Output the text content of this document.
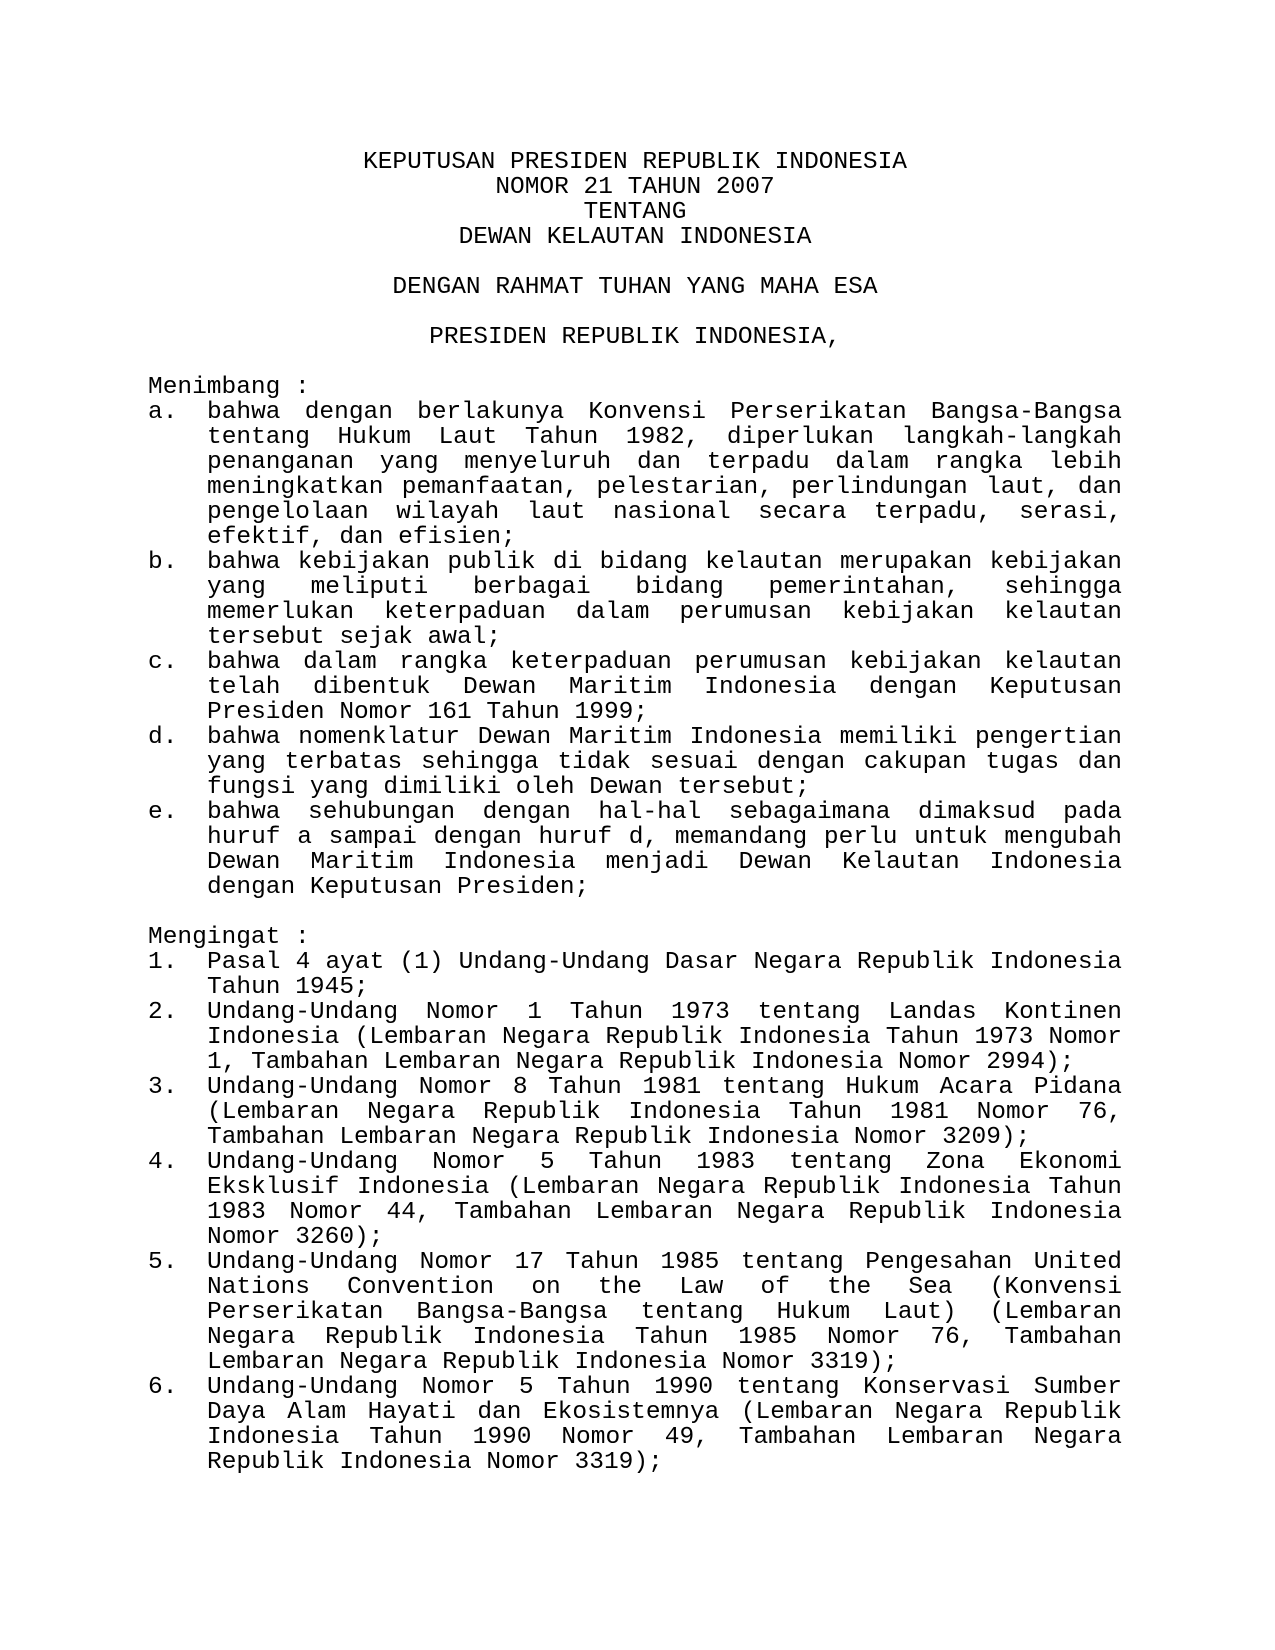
KEPUTUSAN PRESIDEN REPUBLIK INDONESIA
NOMOR 21 TAHUN 2007
TENTANG
DEWAN KELAUTAN INDONESIA
DENGAN RAHMAT TUHAN YANG MAHA ESA
PRESIDEN REPUBLIK INDONESIA,
Menimbang :
a. bahwa dengan berlakunya Konvensi Perserikatan Bangsa-Bangsa
tentang Hukum Laut Tahun 1982, diperlukan langkah-langkah
penanganan yang menyeluruh dan terpadu dalam rangka lebih
meningkatkan pemanfaatan, pelestarian, perlindungan laut, dan
pengelolaan wilayah laut nasional secara terpadu, serasi,
efektif, dan efisien;
b. bahwa kebijakan publik di bidang kelautan merupakan kebijakan
yang meliputi berbagai bidang pemerintahan, sehingga
memerlukan keterpaduan dalam perumusan kebijakan kelautan
tersebut sejak awal;
c. bahwa dalam rangka keterpaduan perumusan kebijakan kelautan
telah dibentuk Dewan Maritim Indonesia dengan Keputusan
Presiden Nomor 161 Tahun 1999;
d. bahwa nomenklatur Dewan Maritim Indonesia memiliki pengertian
yang terbatas sehingga tidak sesuai dengan cakupan tugas dan
fungsi yang dimiliki oleh Dewan tersebut;
e. bahwa sehubungan dengan hal-hal sebagaimana dimaksud pada
huruf a sampai dengan huruf d, memandang perlu untuk mengubah
Dewan Maritim Indonesia menjadi Dewan Kelautan Indonesia
dengan Keputusan Presiden;
Mengingat :
1. Pasal 4 ayat (1) Undang-Undang Dasar Negara Republik Indonesia
Tahun 1945;
2. Undang-Undang Nomor 1 Tahun 1973 tentang Landas Kontinen
Indonesia (Lembaran Negara Republik Indonesia Tahun 1973 Nomor
1, Tambahan Lembaran Negara Republik Indonesia Nomor 2994);
3. Undang-Undang Nomor 8 Tahun 1981 tentang Hukum Acara Pidana
(Lembaran Negara Republik Indonesia Tahun 1981 Nomor 76,
Tambahan Lembaran Negara Republik Indonesia Nomor 3209);
4. Undang-Undang Nomor 5 Tahun 1983 tentang Zona Ekonomi
Eksklusif Indonesia (Lembaran Negara Republik Indonesia Tahun
1983 Nomor 44, Tambahan Lembaran Negara Republik Indonesia
Nomor 3260);
5. Undang-Undang Nomor 17 Tahun 1985 tentang Pengesahan United
Nations Convention on the Law of the Sea (Konvensi
Perserikatan Bangsa-Bangsa tentang Hukum Laut) (Lembaran
Negara Republik Indonesia Tahun 1985 Nomor 76, Tambahan
Lembaran Negara Republik Indonesia Nomor 3319);
6. Undang-Undang Nomor 5 Tahun 1990 tentang Konservasi Sumber
Daya Alam Hayati dan Ekosistemnya (Lembaran Negara Republik
Indonesia Tahun 1990 Nomor 49, Tambahan Lembaran Negara
Republik Indonesia Nomor 3319);
